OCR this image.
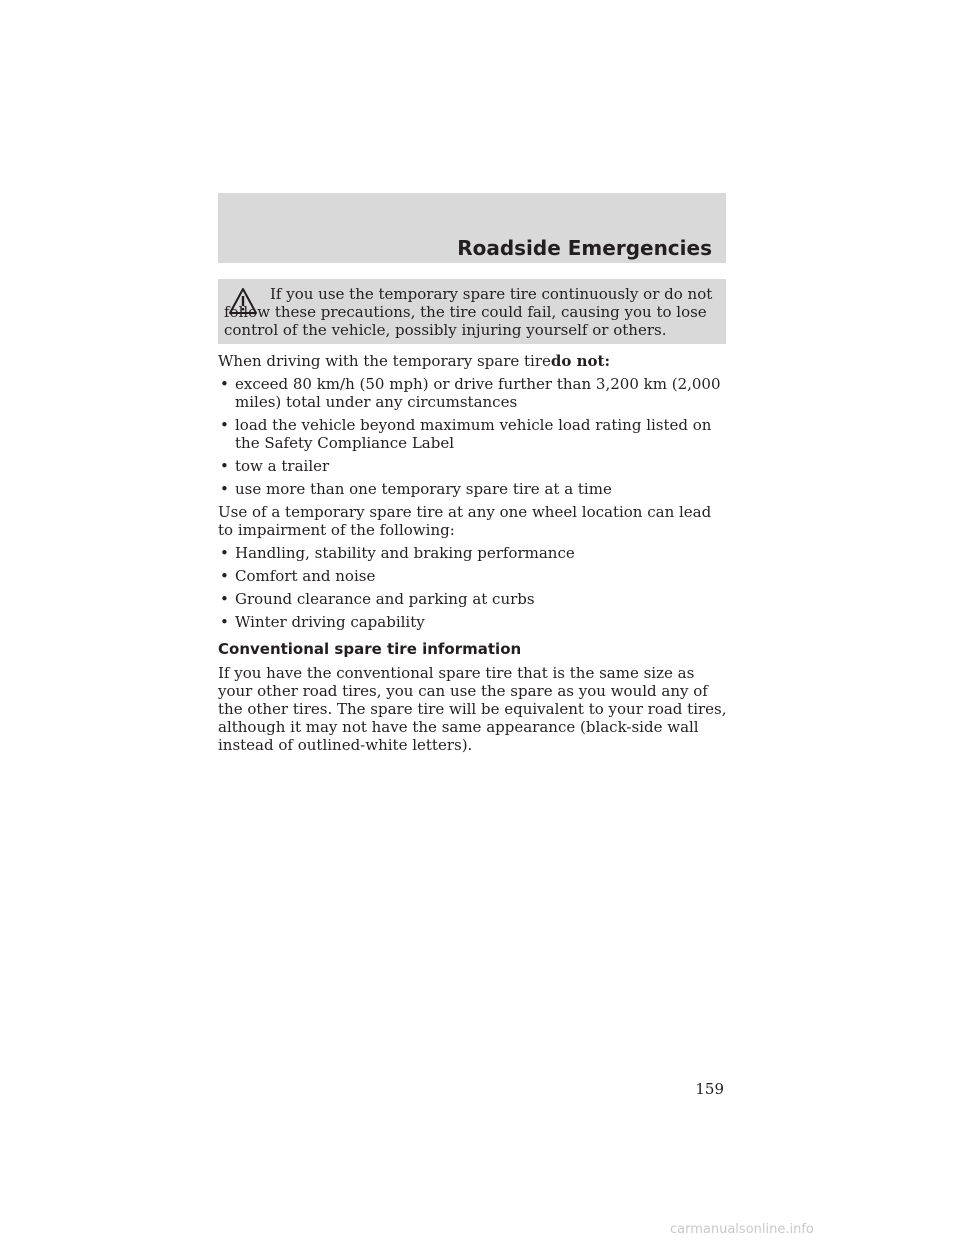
Roadside Emergencies

If you use the temporary spare tire continuously or do not follow these precautions, the tire could fail, causing you to lose control of the vehicle, possibly injuring yourself or others.

When driving with the temporary spare tiredo not:

• exceed 80 km/h (50 mph) or drive further than 3,200 km (2,000 miles) total under any circumstances
• load the vehicle beyond maximum vehicle load rating listed on the Safety Compliance Label
• tow a trailer
• use more than one temporary spare tire at a time

Use of a temporary spare tire at any one wheel location can lead to impairment of the following:

• Handling, stability and braking performance
• Comfort and noise
• Ground clearance and parking at curbs
• Winter driving capability

Conventional spare tire information

If you have the conventional spare tire that is the same size as your other road tires, you can use the spare as you would any of the other tires. The spare tire will be equivalent to your road tires, although it may not have the same appearance (black-side wall instead of outlined-white letters).

159
carmanualsonline.info
